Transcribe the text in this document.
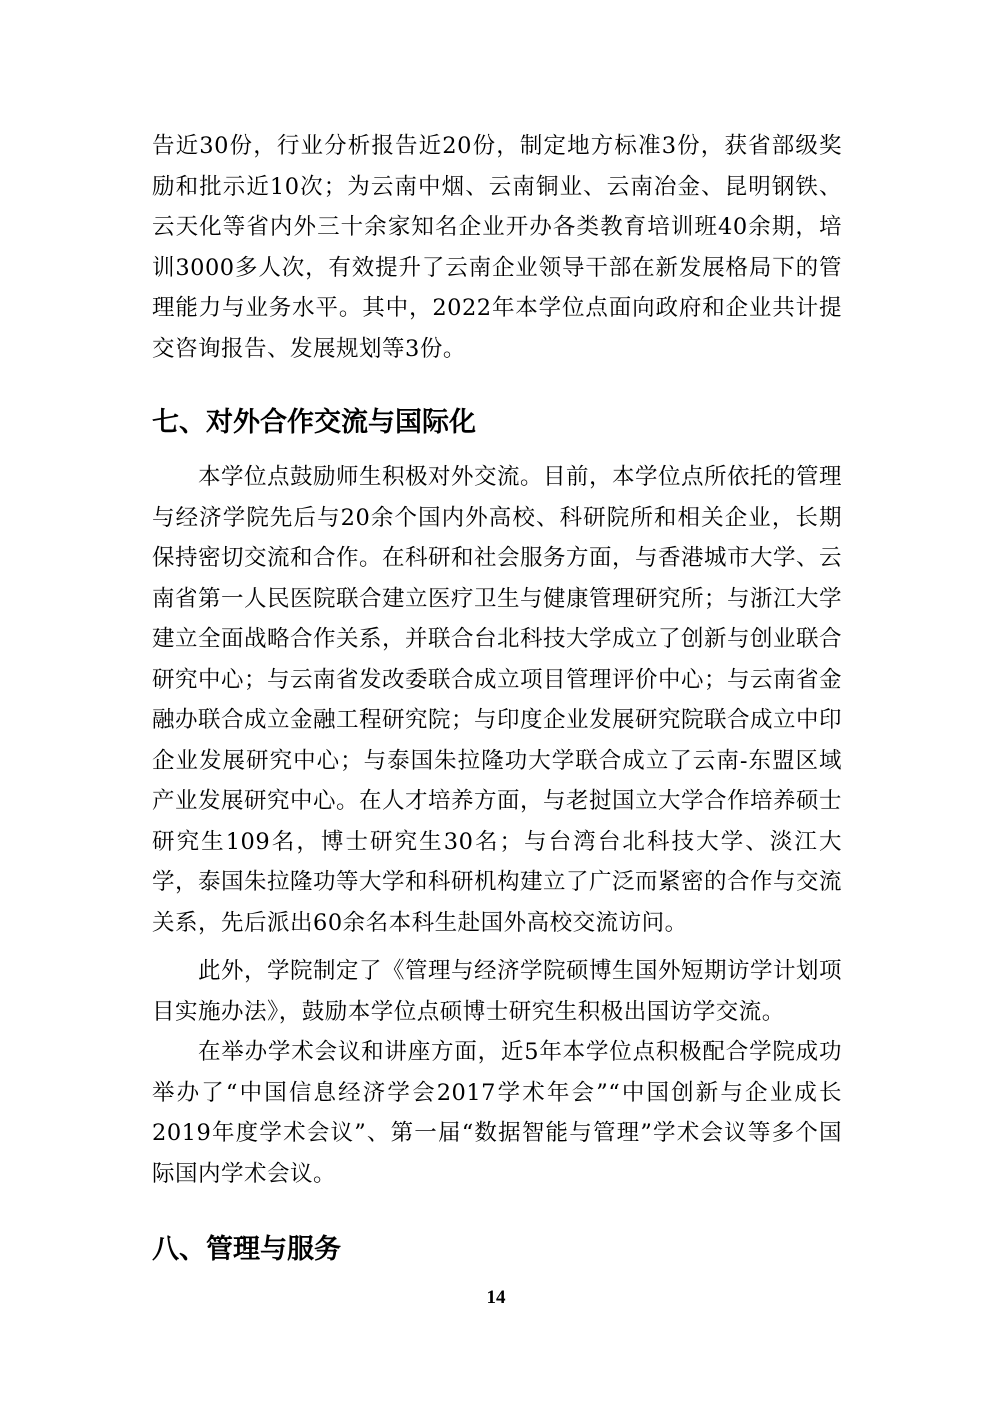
告近30份，行业分析报告近20份，制定地方标准3份，获省部级奖励和批示近10次；为云南中烟、云南铜业、云南冶金、昆明钢铁、云天化等省内外三十余家知名企业开办各类教育培训班40余期，培训3000多人次，有效提升了云南企业领导干部在新发展格局下的管理能力与业务水平。其中，2022年本学位点面向政府和企业共计提交咨询报告、发展规划等3份。

七、对外合作交流与国际化

本学位点鼓励师生积极对外交流。目前，本学位点所依托的管理与经济学院先后与20余个国内外高校、科研院所和相关企业，长期保持密切交流和合作。在科研和社会服务方面，与香港城市大学、云南省第一人民医院联合建立医疗卫生与健康管理研究所；与浙江大学建立全面战略合作关系，并联合台北科技大学成立了创新与创业联合研究中心；与云南省发改委联合成立项目管理评价中心；与云南省金融办联合成立金融工程研究院；与印度企业发展研究院联合成立中印企业发展研究中心；与泰国朱拉隆功大学联合成立了云南-东盟区域产业发展研究中心。在人才培养方面，与老挝国立大学合作培养硕士研究生109名，博士研究生30名；与台湾台北科技大学、淡江大学，泰国朱拉隆功等大学和科研机构建立了广泛而紧密的合作与交流关系，先后派出60余名本科生赴国外高校交流访问。

此外，学院制定了《管理与经济学院硕博生国外短期访学计划项目实施办法》，鼓励本学位点硕博士研究生积极出国访学交流。

在举办学术会议和讲座方面，近5年本学位点积极配合学院成功举办了“中国信息经济学会2017学术年会”“中国创新与企业成长2019年度学术会议”、第一届“数据智能与管理”学术会议等多个国际国内学术会议。

八、管理与服务
14
